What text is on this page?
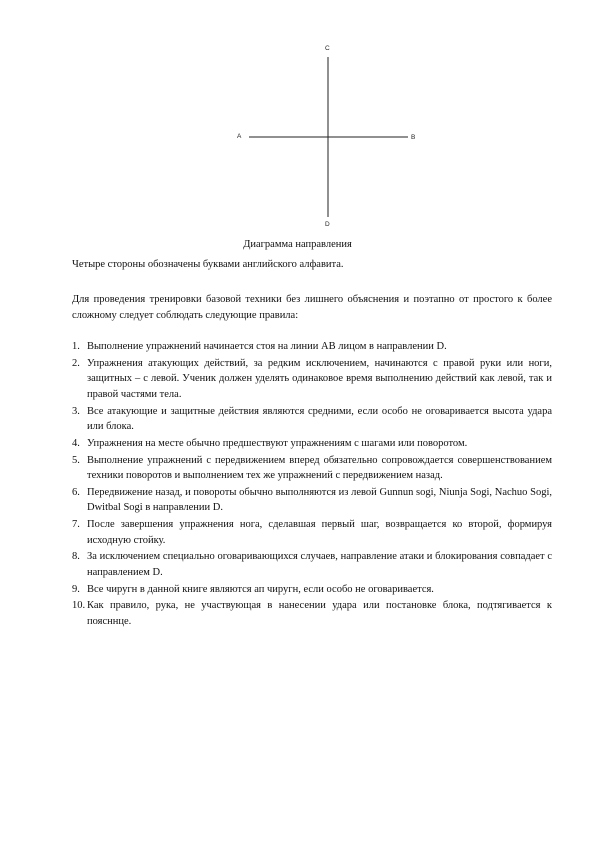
C
A	B
D
Диаграмма направления
Четыре стороны обозначены буквами английского алфавита.
Для проведения тренировки базовой техники без лишнего объяснения и поэтапно от простого к более сложному следует соблюдать следующие правила:
1. Выполнение упражнений начинается стоя на линии АВ лицом в направлении D.
2. Упражнения атакующих действий, за редким исключением, начинаются с правой руки или ноги, защитных – с левой. Ученик должен уделять одинаковое время выполнению действий как левой, так и правой частями тела.
3. Все атакующие и защитные действия являются средними, если особо не оговаривается высота удара или блока.
4. Упражнения на месте обычно предшествуют упражнениям с шагами или поворотом.
5. Выполнение упражнений с передвижением вперед обязательно сопровождается совершенствованием техники поворотов и выполнением тех же упражнений с передвижением назад.
6. Передвижение назад, и повороты обычно выполняются из левой Gunnun sogi, Niunja Sogi, Nachuo Sogi, Dwitbal Sogi в направлении D.
7. После завершения упражнения нога, сделавшая первый шаг, возвращается ко второй, формируя исходную стойку.
8. За исключением специально оговаривающихся случаев, направление атаки и блокирования совпадает с направлением D.
9. Все чиругн в данной книге являются ап чиругн, если особо не оговаривается.
10. Как правило, рука, не участвующая в нанесении удара или постановке блока, подтягивается к поясннце.
